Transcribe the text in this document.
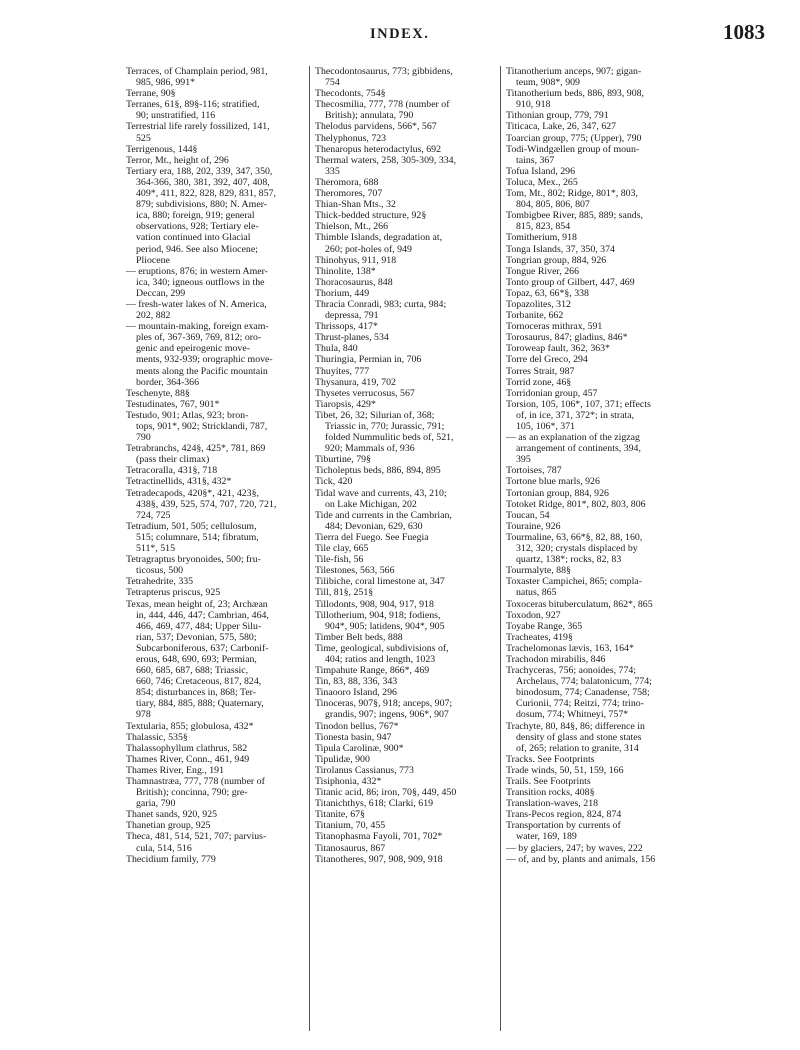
INDEX.	1083
Terraces, of Champlain period, 981,
985, 986, 991*
Terrane, 90§
Terranes, 61§, 89§-116; stratified,
90; unstratified, 116
Terrestrial life rarely fossilized, 141,
525
Terrigenous, 144§
Terror, Mt., height of, 296
Tertiary era, 188, 202, 339, 347, 350,
364-366, 380, 381, 392, 407, 408,
409*, 411, 822, 828, 829, 831, 857,
879; subdivisions, 880; N. Amer-
ica, 880; foreign, 919; general
observations, 928; Tertiary ele-
vation continued into Glacial
period, 946. See also Miocene;
Pliocene
— eruptions, 876; in western Amer-
ica, 340; igneous outflows in the
Deccan, 299
— fresh-water lakes of N. America,
202, 882
— mountain-making, foreign exam-
ples of, 367-369, 769, 812; oro-
genic and epeirogenic move-
ments, 932-939; orographic move-
ments along the Pacific mountain
border, 364-366
Teschenyte, 88§
Testudinates, 767, 901*
Testudo, 901; Atlas, 923; bron-
tops, 901*, 902; Stricklandi, 787,
790
Tetrabranchs, 424§, 425*, 781, 869
(pass their climax)
Tetracoralla, 431§, 718
Tetractinellids, 431§, 432*
Tetradecapods, 420§*, 421, 423§,
438§, 439, 525, 574, 707, 720, 721,
724, 725
Tetradium, 501, 505; cellulosum,
515; columnare, 514; fibratum,
511*, 515
Tetragraptus bryonoides, 500; fru-
ticosus, 500
Tetrahedrite, 335
Tetrapterus priscus, 925
Texas, mean height of, 23; Archæan
in, 444, 446, 447; Cambrian, 464,
466, 469, 477, 484; Upper Silu-
rian, 537; Devonian, 575, 580;
Subcarboniferous, 637; Carbonif-
erous, 648, 690, 693; Permian,
660, 685, 687, 688; Triassic,
660, 746; Cretaceous, 817, 824,
854; disturbances in, 868; Ter-
tiary, 884, 885, 888; Quaternary,
978
Textularia, 855; globulosa, 432*
Thalassic, 535§
Thalassophyllum clathrus, 582
Thames River, Conn., 461, 949
Thames River, Eng., 191
Thamnastræa, 777, 778 (number of
British); concinna, 790; gre-
garia, 790
Thanet sands, 920, 925
Thanetian group, 925
Theca, 481, 514, 521, 707; parvius-
cula, 514, 516
Thecidium family, 779
Thecodontosaurus, 773; gibbidens,
754
Thecodonts, 754§
Thecosmilia, 777, 778 (number of
British); annulata, 790
Thelodus parvidens, 566*, 567
Thelyphonus, 723
Thenaropus heterodactylus, 692
Thermal waters, 258, 305-309, 334,
335
Theromora, 688
Theromores, 707
Thian-Shan Mts., 32
Thick-bedded structure, 92§
Thielson, Mt., 266
Thimble Islands, degradation at,
260; pot-holes of, 949
Thinohyus, 911, 918
Thinolite, 138*
Thoracosaurus, 848
Thorium, 449
Thracia Conradi, 983; curta, 984;
depressa, 791
Thrissops, 417*
Thrust-planes, 534
Thula, 840
Thuringia, Permian in, 706
Thuyites, 777
Thysanura, 419, 702
Thysetes verrucosus, 567
Tiaropsis, 429*
Tibet, 26, 32; Silurian of, 368;
Triassic in, 770; Jurassic, 791;
folded Nummulitic beds of, 521,
920; Mammals of, 936
Tiburtine, 79§
Ticholeptus beds, 886, 894, 895
Tick, 420
Tidal wave and currents, 43, 210;
on Lake Michigan, 202
Tide and currents in the Cambrian,
484; Devonian, 629, 630
Tierra del Fuego. See Fuegia
Tile clay, 665
Tile-fish, 56
Tilestones, 563, 566
Tilibiche, coral limestone at, 347
Till, 81§, 251§
Tillodonts, 908, 904, 917, 918
Tillotherium, 904, 918; fodiens,
904*, 905; latidens, 904*, 905
Timber Belt beds, 888
Time, geological, subdivisions of,
404; ratios and length, 1023
Timpahute Range, 866*, 469
Tin, 83, 88, 336, 343
Tinaooro Island, 296
Tinoceras, 907§, 918; anceps, 907;
grandis, 907; ingens, 906*, 907
Tinodon bellus, 767*
Tionesta basin, 947
Tipula Carolinæ, 900*
Tipulidæ, 900
Tirolanus Cassianus, 773
Tisiphonia, 432*
Titanic acid, 86; iron, 70§, 449, 450
Titanichthys, 618; Clarki, 619
Titanite, 67§
Titanium, 70, 455
Titanophasma Fayoli, 701, 702*
Titanosaurus, 867
Titanotheres, 907, 908, 909, 918
Titanotherium anceps, 907; gigan-
teum, 908*, 909
Titanotherium beds, 886, 893, 908,
910, 918
Tithonian group, 779, 791
Titicaca, Lake, 26, 347, 627
Toarcian group, 775; (Upper), 790
Todi-Windgællen group of moun-
tains, 367
Tofua Island, 296
Toluca, Mex., 265
Tom, Mt., 802; Ridge, 801*, 803,
804, 805, 806, 807
Tombigbee River, 885, 889; sands,
815, 823, 854
Tomitherium, 918
Tonga Islands, 37, 350, 374
Tongrian group, 884, 926
Tongue River, 266
Tonto group of Gilbert, 447, 469
Topaz, 63, 66*§, 338
Topazolites, 312
Torbanite, 662
Tornoceras mithrax, 591
Torosaurus, 847; gladius, 846*
Toroweap fault, 362, 363*
Torre del Greco, 294
Torres Strait, 987
Torrid zone, 46§
Torridonian group, 457
Torsion, 105, 106*, 107, 371; effects
of, in ice, 371, 372*; in strata,
105, 106*, 371
— as an explanation of the zigzag
arrangement of continents, 394,
395
Tortoises, 787
Tortone blue marls, 926
Tortonian group, 884, 926
Totoket Ridge, 801*, 802, 803, 806
Toucan, 54
Touraine, 926
Tourmaline, 63, 66*§, 82, 88, 160,
312, 320; crystals displaced by
quartz, 138*; rocks, 82, 83
Tourmalyte, 88§
Toxaster Campichei, 865; compla-
natus, 865
Toxoceras bituberculatum, 862*, 865
Toxodon, 927
Toyabe Range, 365
Tracheates, 419§
Trachelomonas lævis, 163, 164*
Trachodon mirabilis, 846
Trachyceras, 756; aonoides, 774;
Archelaus, 774; balatonicum, 774;
binodosum, 774; Canadense, 758;
Curionii, 774; Reitzi, 774; trino-
dosum, 774; Whitneyi, 757*
Trachyte, 80, 84§, 86; difference in
density of glass and stone states
of, 265; relation to granite, 314
Tracks. See Footprints
Trade winds, 50, 51, 159, 166
Trails. See Footprints
Transition rocks, 408§
Translation-waves, 218
Trans-Pecos region, 824, 874
Transportation by currents of
water, 169, 189
— by glaciers, 247; by waves, 222
— of, and by, plants and animals, 156
